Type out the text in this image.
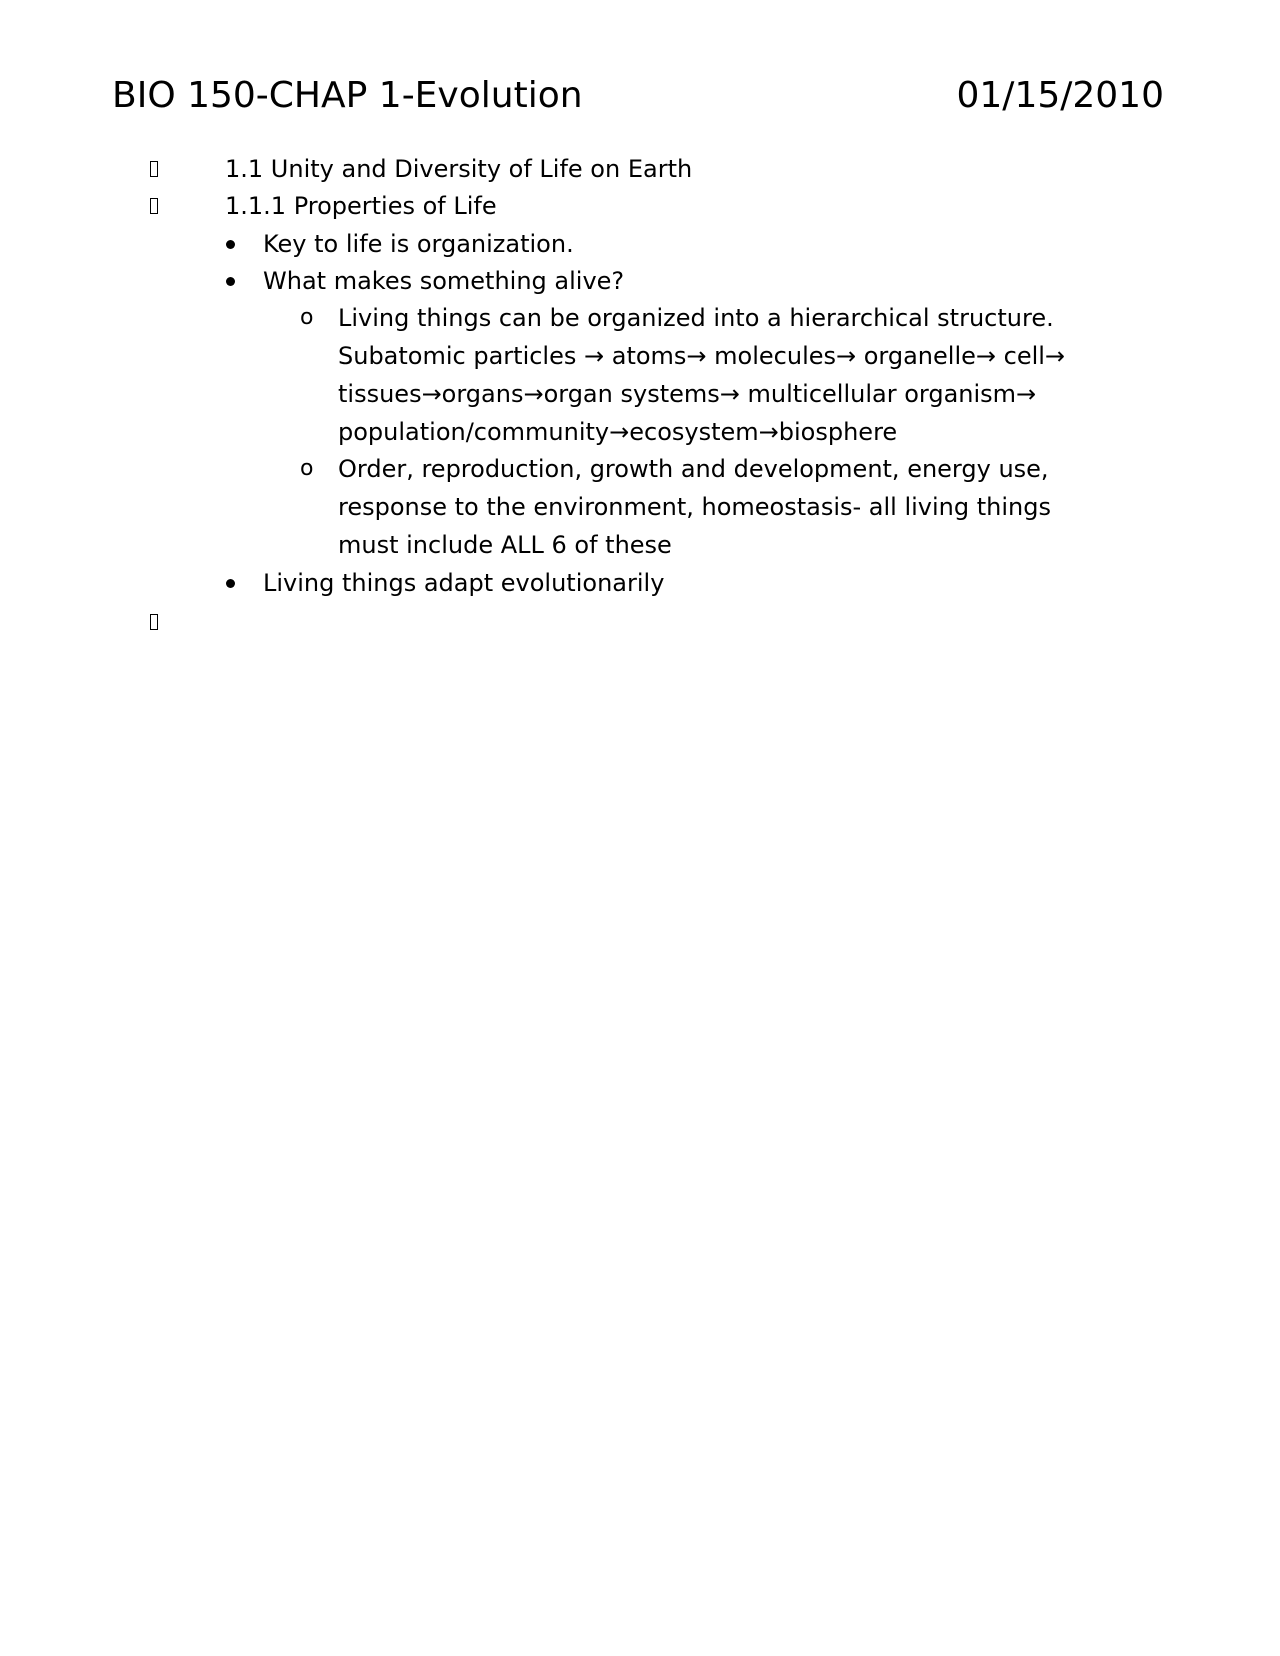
BIO 150-CHAP 1-Evolution	01/15/2010
1.1 Unity and Diversity of Life on Earth
1.1.1 Properties of Life
Key to life is organization.
What makes something alive?
o Living things can be organized into a hierarchical structure.
Subatomic particles → atoms→ molecules→ organelle→ cell→
tissues→organs→organ systems→ multicellular organism→
population/community→ecosystem→biosphere
o Order, reproduction, growth and development, energy use,
response to the environment, homeostasis- all living things
must include ALL 6 of these
Living things adapt evolutionarily
